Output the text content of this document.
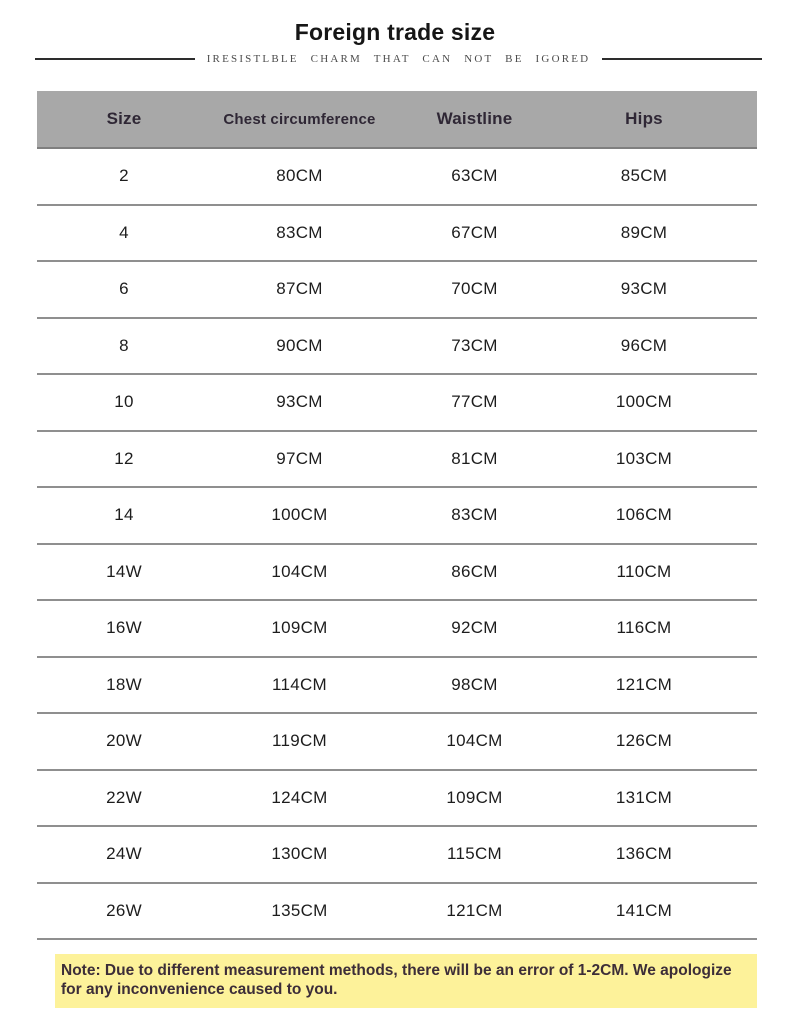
Foreign trade size
IRESISTLBLE CHARM THAT CAN NOT BE IGORED
Size	Chest circumference	Waistline	Hips
2	80CM	63CM	85CM
4	83CM	67CM	89CM
6	87CM	70CM	93CM
8	90CM	73CM	96CM
10	93CM	77CM	100CM
12	97CM	81CM	103CM
14	100CM	83CM	106CM
14W	104CM	86CM	110CM
16W	109CM	92CM	116CM
18W	114CM	98CM	121CM
20W	119CM	104CM	126CM
22W	124CM	109CM	131CM
24W	130CM	115CM	136CM
26W	135CM	121CM	141CM

Note: Due to different measurement methods, there will be an error of 1-2CM. We apologize for any inconvenience caused to you.
